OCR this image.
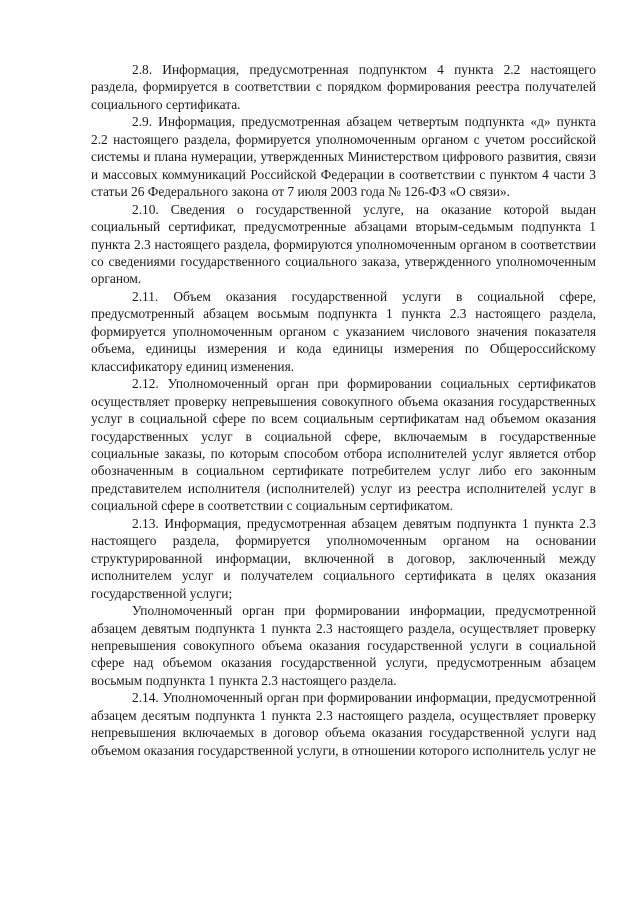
2.8. Информация, предусмотренная подпунктом 4 пункта 2.2 настоящего раздела, формируется в соответствии с порядком формирования реестра получателей социального сертификата.

2.9. Информация, предусмотренная абзацем четвертым подпункта «д» пункта 2.2 настоящего раздела, формируется уполномоченным органом с учетом российской системы и плана нумерации, утвержденных Министерством цифрового развития, связи и массовых коммуникаций Российской Федерации в соответствии с пунктом 4 части 3 статьи 26 Федерального закона от 7 июля 2003 года № 126-ФЗ «О связи».

2.10. Сведения о государственной услуге, на оказание которой выдан социальный сертификат, предусмотренные абзацами вторым-седьмым подпункта 1 пункта 2.3 настоящего раздела, формируются уполномоченным органом в соответствии со сведениями государственного социального заказа, утвержденного уполномоченным органом.

2.11. Объем оказания государственной услуги в социальной сфере, предусмотренный абзацем восьмым подпункта 1 пункта 2.3 настоящего раздела, формируется уполномоченным органом с указанием числового значения показателя объема, единицы измерения и кода единицы измерения по Общероссийскому классификатору единиц изменения.

2.12. Уполномоченный орган при формировании социальных сертификатов осуществляет проверку непревышения совокупного объема оказания государственных услуг в социальной сфере по всем социальным сертификатам над объемом оказания государственных услуг в социальной сфере, включаемым в государственные социальные заказы, по которым способом отбора исполнителей услуг является отбор обозначенным в социальном сертификате потребителем услуг либо его законным представителем исполнителя (исполнителей) услуг из реестра исполнителей услуг в социальной сфере в соответствии с социальным сертификатом.

2.13. Информация, предусмотренная абзацем девятым подпункта 1 пункта 2.3 настоящего раздела, формируется уполномоченным органом на основании структурированной информации, включенной в договор, заключенный между исполнителем услуг и получателем социального сертификата в целях оказания государственной услуги;

Уполномоченный орган при формировании информации, предусмотренной абзацем девятым подпункта 1 пункта 2.3 настоящего раздела, осуществляет проверку непревышения совокупного объема оказания государственной услуги в социальной сфере над объемом оказания государственной услуги, предусмотренным абзацем восьмым подпункта 1 пункта 2.3 настоящего раздела.

2.14. Уполномоченный орган при формировании информации, предусмотренной абзацем десятым подпункта 1 пункта 2.3 настоящего раздела, осуществляет проверку непревышения включаемых в договор объема оказания государственной услуги над объемом оказания государственной услуги, в отношении которого исполнитель услуг не
